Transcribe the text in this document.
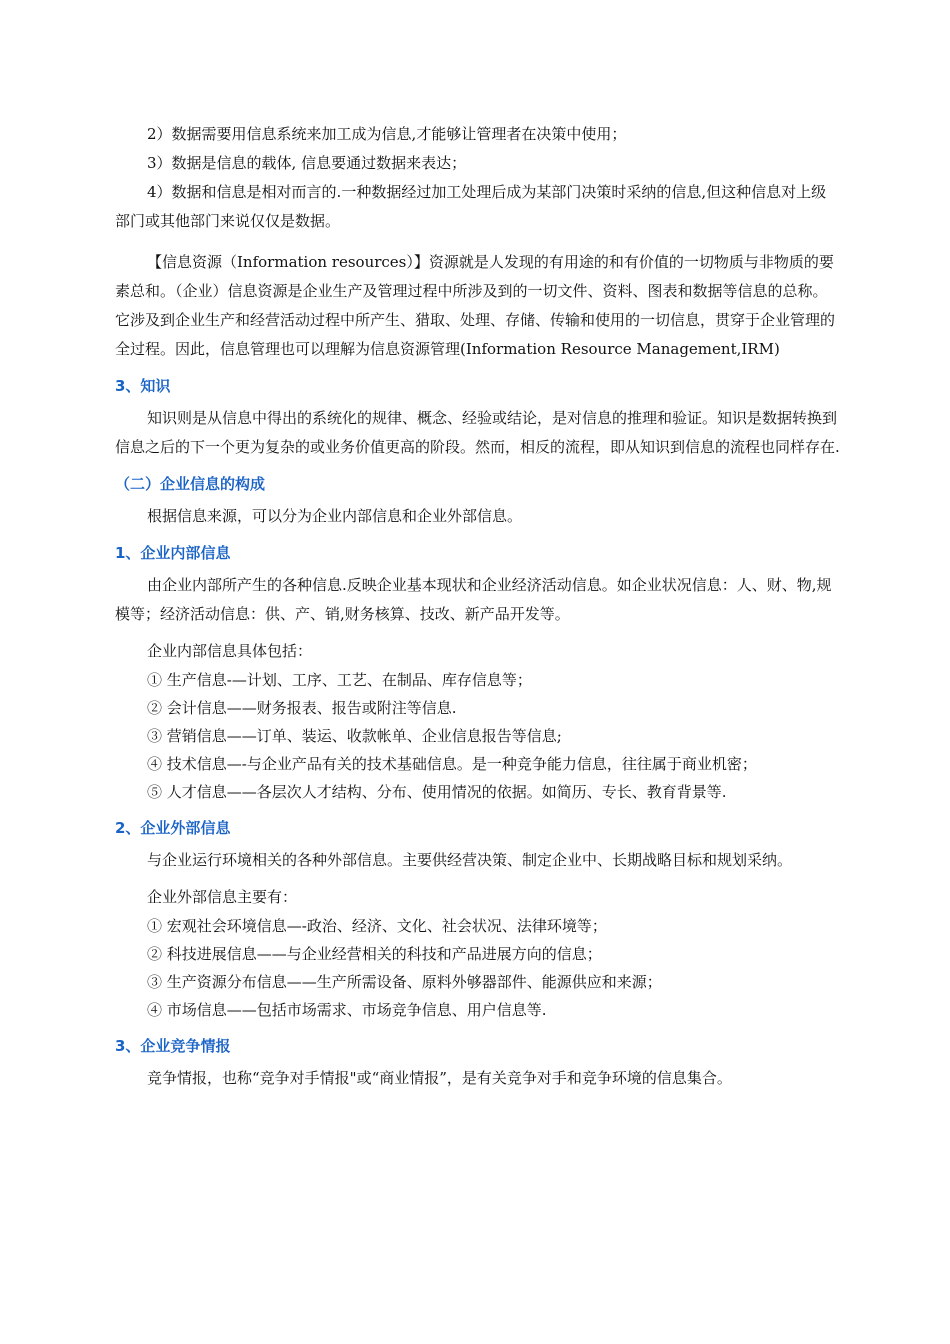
2）数据需要用信息系统来加工成为信息,才能够让管理者在决策中使用；

3）数据是信息的载体, 信息要通过数据来表达；

4）数据和信息是相对而言的.一种数据经过加工处理后成为某部门决策时采纳的信息,但这种信息对上级部门或其他部门来说仅仅是数据。

【信息资源（Information resources）】资源就是人发现的有用途的和有价值的一切物质与非物质的要素总和。（企业）信息资源是企业生产及管理过程中所涉及到的一切文件、资料、图表和数据等信息的总称。它涉及到企业生产和经营活动过程中所产生、猎取、处理、存储、传输和使用的一切信息，贯穿于企业管理的全过程。因此，信息管理也可以理解为信息资源管理(Information Resource Management,IRM)

3、知识

知识则是从信息中得出的系统化的规律、概念、经验或结论，是对信息的推理和验证。知识是数据转换到信息之后的下一个更为复杂的或业务价值更高的阶段。然而，相反的流程，即从知识到信息的流程也同样存在.

（二）企业信息的构成

根据信息来源，可以分为企业内部信息和企业外部信息。

1、企业内部信息

由企业内部所产生的各种信息.反映企业基本现状和企业经济活动信息。如企业状况信息：人、财、物,规模等；经济活动信息：供、产、销,财务核算、技改、新产品开发等。

企业内部信息具体包括：

① 生产信息-—计划、工序、工艺、在制品、库存信息等；
② 会计信息——财务报表、报告或附注等信息.
③ 营销信息——订单、装运、收款帐单、企业信息报告等信息;
④ 技术信息—-与企业产品有关的技术基础信息。是一种竞争能力信息，往往属于商业机密；
⑤ 人才信息——各层次人才结构、分布、使用情况的依据。如简历、专长、教育背景等.
2、企业外部信息

与企业运行环境相关的各种外部信息。主要供经营决策、制定企业中、长期战略目标和规划采纳。

企业外部信息主要有：

① 宏观社会环境信息—-政治、经济、文化、社会状况、法律环境等；
② 科技进展信息——与企业经营相关的科技和产品进展方向的信息；
③ 生产资源分布信息——生产所需设备、原料外够器部件、能源供应和来源；
④ 市场信息——包括市场需求、市场竞争信息、用户信息等.
3、企业竞争情报

竞争情报，也称“竞争对手情报"或“商业情报”，是有关竞争对手和竞争环境的信息集合。
